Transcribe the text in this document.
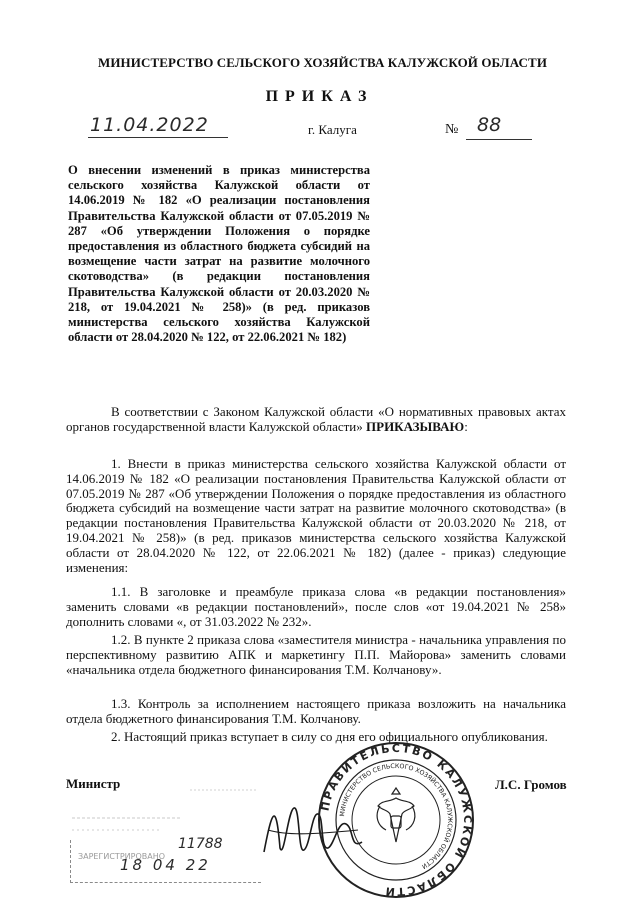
МИНИСТЕРСТВО СЕЛЬСКОГО ХОЗЯЙСТВА КАЛУЖСКОЙ ОБЛАСТИ
ПРИКАЗ
11.04.2022	г. Калуга	№ 88
О внесении изменений в приказ министерства сельского хозяйства Калужской области от 14.06.2019 № 182 «О реализации постановления Правительства Калужской области от 07.05.2019 № 287 «Об утверждении Положения о порядке предоставления из областного бюджета субсидий на возмещение части затрат на развитие молочного скотоводства» (в редакции постановления Правительства Калужской области от 20.03.2020 № 218, от 19.04.2021 № 258)» (в ред. приказов министерства сельского хозяйства Калужской области от 28.04.2020 № 122, от 22.06.2021 № 182)
В соответствии с Законом Калужской области «О нормативных правовых актах органов государственной власти Калужской области» ПРИКАЗЫВАЮ:
1. Внести в приказ министерства сельского хозяйства Калужской области от 14.06.2019 № 182 «О реализации постановления Правительства Калужской области от 07.05.2019 № 287 «Об утверждении Положения о порядке предоставления из областного бюджета субсидий на возмещение части затрат на развитие молочного скотоводства» (в редакции постановления Правительства Калужской области от 20.03.2020 № 218, от 19.04.2021 № 258)» (в ред. приказов министерства сельского хозяйства Калужской области от 28.04.2020 № 122, от 22.06.2021 № 182) (далее - приказ) следующие изменения:
1.1. В заголовке и преамбуле приказа слова «в редакции постановления» заменить словами «в редакции постановлений», после слов «от 19.04.2021 № 258» дополнить словами «, от 31.03.2022 № 232».
1.2. В пункте 2 приказа слова «заместителя министра - начальника управления по перспективному развитию АПК и маркетингу П.П. Майорова» заменить словами «начальника отдела бюджетного финансирования Т.М. Колчанову».
1.3. Контроль за исполнением настоящего приказа возложить на начальника отдела бюджетного финансирования Т.М. Колчанову.
2. Настоящий приказ вступает в силу со дня его официального опубликования.
Министр	Л.С. Громов
ЗАРЕГИСТРИРОВАНО
11788
18 04 22
ПРАВИТЕЛЬСТВО КАЛУЖСКОЙ ОБЛАСТИ
МИНИСТЕРСТВО СЕЛЬСКОГО ХОЗЯЙСТВА КАЛУЖСКОЙ ОБЛАСТИ
